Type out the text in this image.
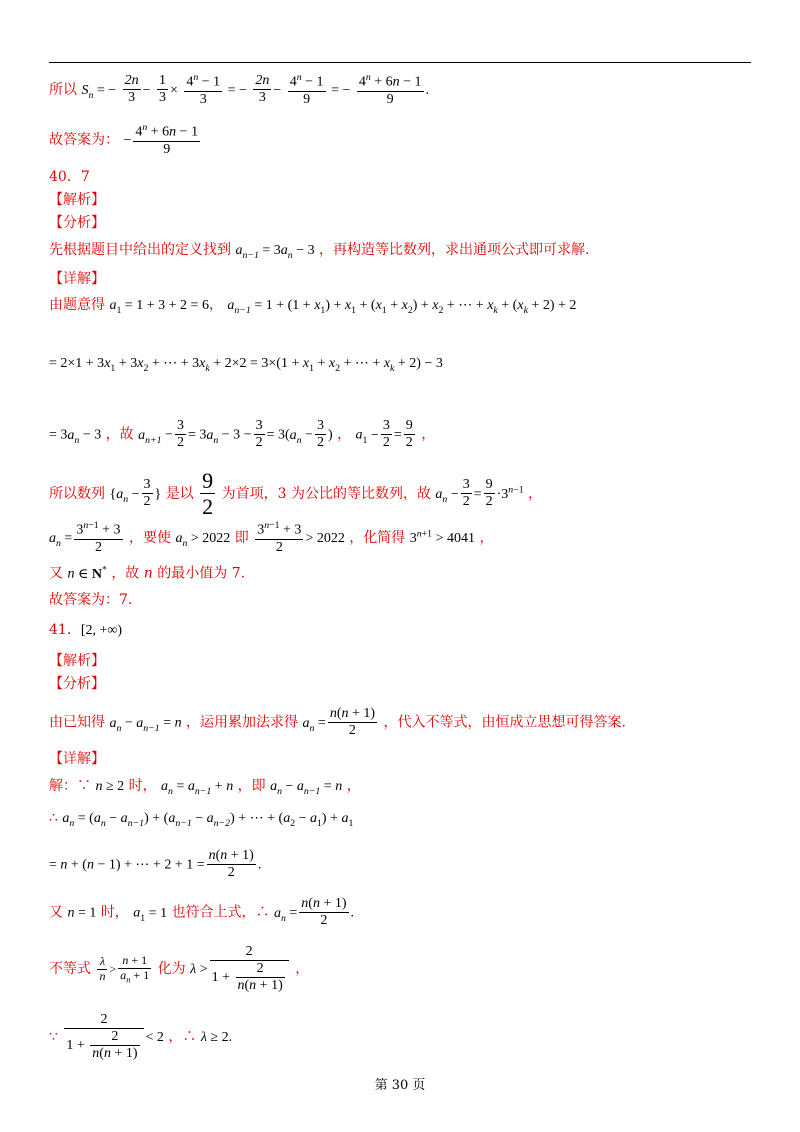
所以 $S_n$ = − $\frac{2n}{3} - \frac{1}{3} \times \frac{4^n - 1}{3}$ = − $\frac{2n}{3} - \frac{4^n - 1}{9}$ = − $\frac{4^n + 6n - 1}{9}$ .
故答案为： − $\frac{4^n + 6n - 1}{9}$
40．7
【解析】
【分析】
先根据题目中给出的定义找到 $a_{n-1} = 3a_n - 3$ ，再构造等比数列，求出通项公式即可求解.
【详解】
由题意得 $a_1 = 1 + 3 + 2 = 6$， $a_{n-1} = 1 + (1 + x_1) + x_1 + (x_1 + x_2) + x_2$ + ⋯ + $x_k + (x_k + 2) + 2$
= $2\times 1 + 3x_1 + 3x_2$ + ⋯ + $3x_k + 2\times 2 = 3\times(1 + x_1 + x_2$ + ⋯ + $x_k + 2) - 3$
= $3a_n - 3$ ，故 $a_{n+1} - \frac{3}{2} = 3a_n - 3 - \frac{3}{2} = 3(a_n - \frac{3}{2}$ ) ， $a_1 - \frac{3}{2} = \frac{9}{2}$ ，
所以数列 {$a_n - \frac{3}{2}$ } 是以 $\frac{9}{2}$ 为首项，3 为公比的等比数列，故 $a_n - \frac{3}{2} = \frac{9}{2} \cdot 3^{n-1}$ ，
$a_n = \frac{3^{n-1} + 3}{2}$ ，要使 $a_n > 2022$ 即 $\frac{3^{n-1} + 3}{2} > 2022$ ，化简得 $3^{n+1} > 4041$ ，
又 n ∈ N* ，故 n 的最小值为 7.
故答案为：7.
41．[2, +∞)
【解析】
【分析】
由已知得 $a_n - a_{n-1} = n$ ，运用累加法求得 $a_n = \frac{n(n + 1)}{2}$ ，代入不等式，由恒成立思想可得答案.
【详解】
解：∵ n ≥ 2 时， $a_n = a_{n-1} + n$ ，即 $a_n - a_{n-1} = n$ ，
∴ $a_n = (a_n - a_{n-1}) + (a_{n-1} - a_{n-2})$ + ⋯ + $(a_2 - a_1) + a_1$
= n + (n − 1) + ⋯ + $2 + 1 = \frac{n(n + 1)}{2}$ .
又 n = 1 时， $a_1 = 1$ 也符合上式，∴ $a_n = \frac{n(n + 1)}{2}$ .
不等式 $\frac{\lambda}{n} > \frac{n + 1}{a_n + 1}$ 化为 $\lambda > \frac{2}{1 + \frac{2}{n(n + 1)}}$ ，
∵ $\frac{2}{1 + \frac{2}{n(n + 1)}} < 2$ ，∴ λ ≥ 2.
第 30 页
